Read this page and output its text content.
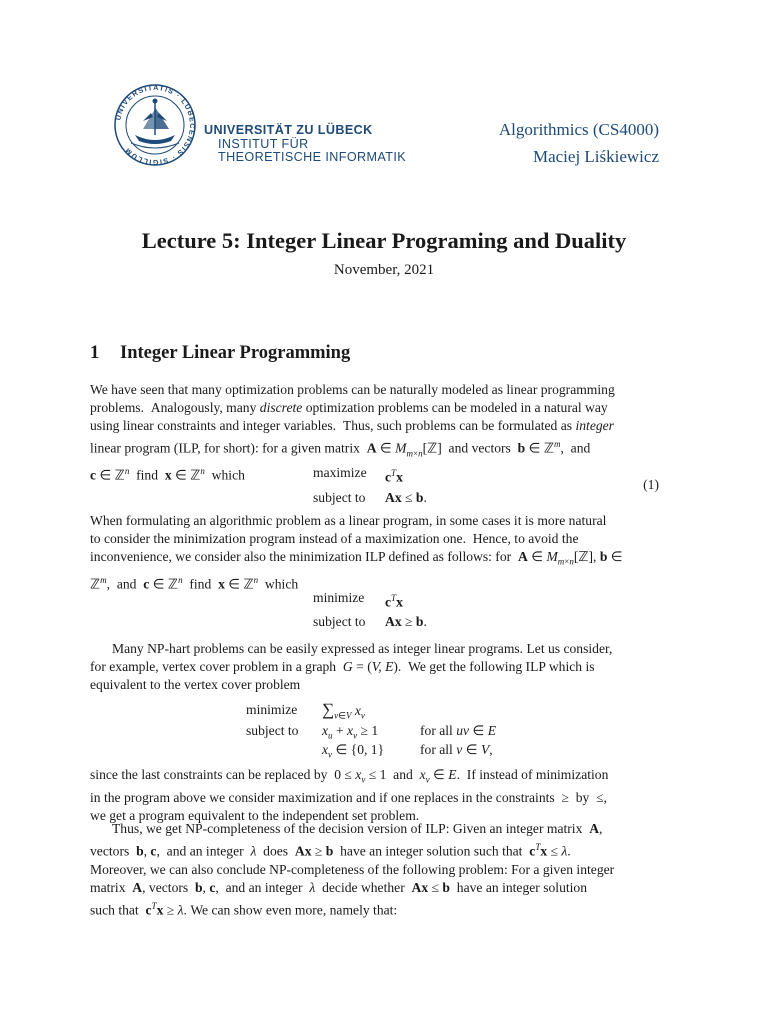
UNIVERSITATIS · LUBECENSIS · SIGILLUM
UNIVERSITÄT ZU LÜBECK
INSTITUT FÜR
THEORETISCHE INFORMATIK
Algorithmics (CS4000)
Maciej Liśkiewicz
Lecture 5: Integer Linear Programing and Duality
November, 2021
1 Integer Linear Programming
We have seen that many optimization problems can be naturally modeled as linear programming
problems.  Analogously, many discrete optimization problems can be modeled in a natural way
using linear constraints and integer variables.  Thus, such problems can be formulated as integer
linear program (ILP, for short): for a given matrix  A ∈ $M_{m\times n}[ℤ]$  and vectors  b ∈ ℤ$^m$,  and
c ∈ ℤ$^n$  find  x ∈ ℤ$^n$  which	maximize $c^Tx$
subject to Ax ≤ b.
(1)
When formulating an algorithmic problem as a linear program, in some cases it is more natural
to consider the minimization program instead of a maximization one.  Hence, to avoid the
inconvenience, we consider also the minimization ILP defined as follows: for  A ∈ $M_{m\times n}[ℤ]$, b ∈
ℤ$^m$,  and  c ∈ ℤ$^n$  find  x ∈ ℤ$^n$  which
minimize $c^Tx$
subject to Ax ≥ b.
Many NP-hart problems can be easily expressed as integer linear programs. Let us consider,
for example, vertex cover problem in a graph  G = (V, E).  We get the following ILP which is
equivalent to the vertex cover problem
minimize $\sum_{v\in V}$ $x_v$
subject to $x_u + x_v \ge 1$	for all uv ∈ E
$x_v$ ∈ {0, 1}	for all v ∈ V,
since the last constraints can be replaced by  $0 \le x_v \le 1$  and  $x_v$ ∈ E.  If instead of minimization
in the program above we consider maximization and if one replaces in the constraints  ≥  by  ≤,
we get a program equivalent to the independent set problem.
Thus, we get NP-completeness of the decision version of ILP: Given an integer matrix  A,
vectors  b, c,  and an integer  λ  does  Ax ≥ b  have an integer solution such that  $c^Tx \le \lambda$.
Moreover, we can also conclude NP-completeness of the following problem: For a given integer
matrix  A, vectors  b, c,  and an integer  λ  decide whether  Ax ≤ b  have an integer solution
such that  $c^Tx \ge \lambda$. We can show even more, namely that:
